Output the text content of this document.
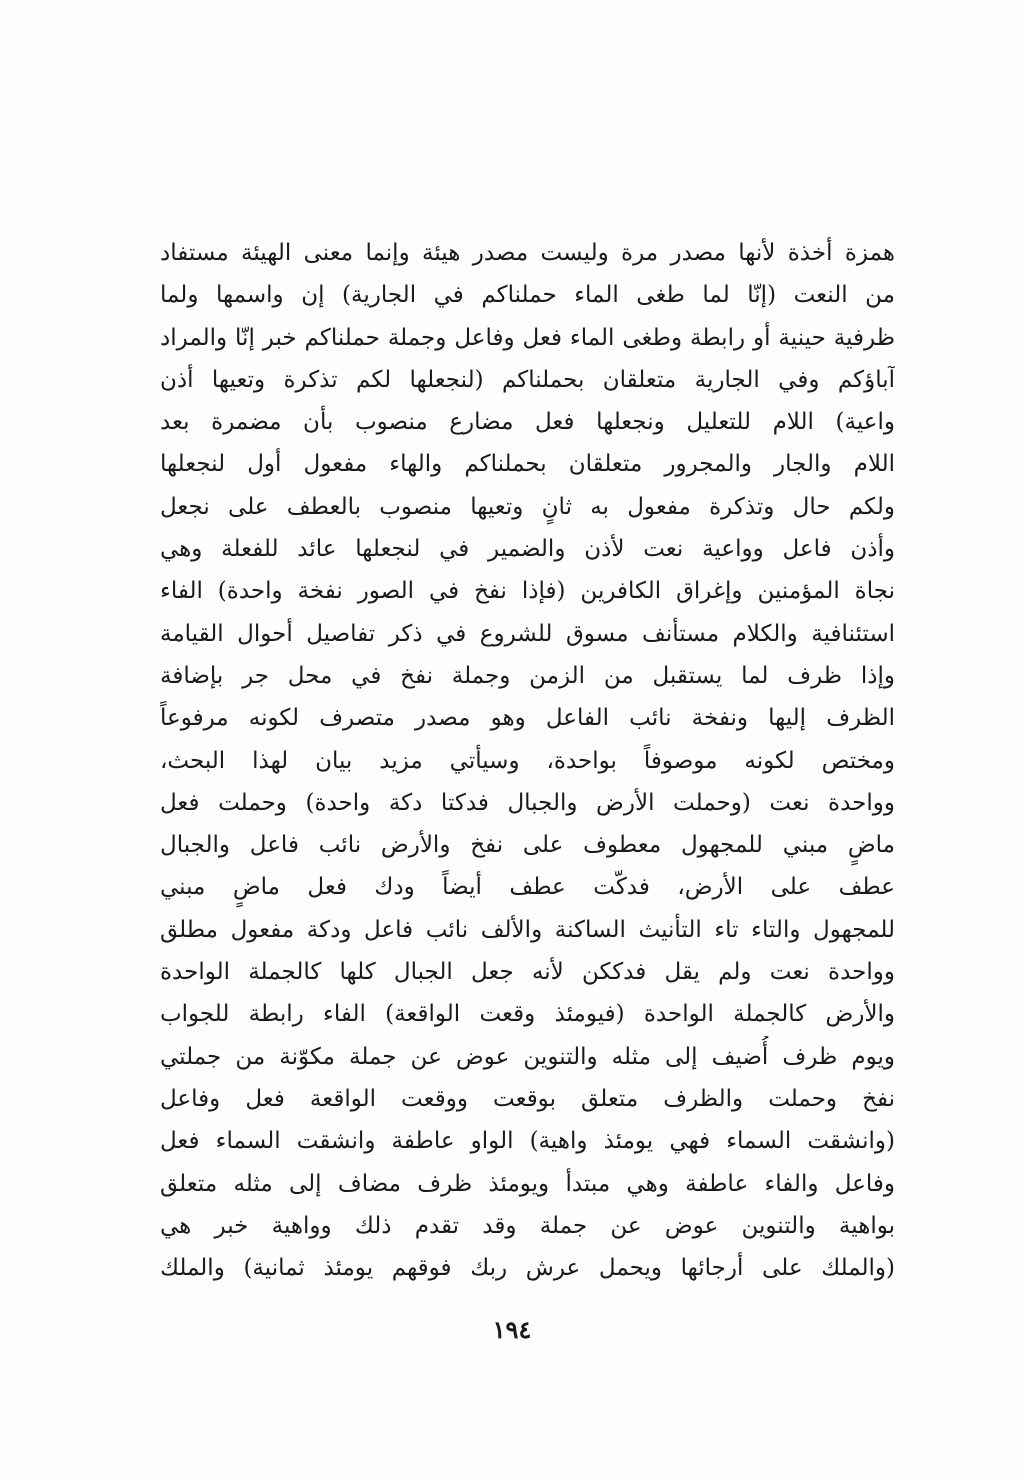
همزة أخذة لأنها مصدر مرة وليست مصدر هيئة وإنما معنى الهيئة مستفاد
من النعت (إنّا لما طغى الماء حملناكم في الجارية) إن واسمها ولما
ظرفية حينية أو رابطة وطغى الماء فعل وفاعل وجملة حملناكم خبر إنّا والمراد
آباؤكم وفي الجارية متعلقان بحملناكم (لنجعلها لكم تذكرة وتعيها أذن
واعية) اللام للتعليل ونجعلها فعل مضارع منصوب بأن مضمرة بعد
اللام والجار والمجرور متعلقان بحملناكم والهاء مفعول أول لنجعلها
ولكم حال وتذكرة مفعول به ثانٍ وتعيها منصوب بالعطف على نجعل
وأذن فاعل وواعية نعت لأذن والضمير في لنجعلها عائد للفعلة وهي
نجاة المؤمنين وإغراق الكافرين (فإذا نفخ في الصور نفخة واحدة) الفاء
استئنافية والكلام مستأنف مسوق للشروع في ذكر تفاصيل أحوال القيامة
وإذا ظرف لما يستقبل من الزمن وجملة نفخ في محل جر بإضافة
الظرف إليها ونفخة نائب الفاعل وهو مصدر متصرف لكونه مرفوعاً
ومختص لكونه موصوفاً بواحدة، وسيأتي مزيد بيان لهذا البحث،
وواحدة نعت (وحملت الأرض والجبال فدكتا دكة واحدة) وحملت فعل
ماضٍ مبني للمجهول معطوف على نفخ والأرض نائب فاعل والجبال
عطف على الأرض، فدكّت عطف أيضاً ودك فعل ماضٍ مبني
للمجهول والتاء تاء التأنيث الساكنة والألف نائب فاعل ودكة مفعول مطلق
وواحدة نعت ولم يقل فدككن لأنه جعل الجبال كلها كالجملة الواحدة
والأرض كالجملة الواحدة (فيومئذ وقعت الواقعة) الفاء رابطة للجواب
ويوم ظرف أُضيف إلى مثله والتنوين عوض عن جملة مكوّنة من جملتي
نفخ وحملت والظرف متعلق بوقعت ووقعت الواقعة فعل وفاعل
(وانشقت السماء فهي يومئذ واهية) الواو عاطفة وانشقت السماء فعل
وفاعل والفاء عاطفة وهي مبتدأ ويومئذ ظرف مضاف إلى مثله متعلق
بواهية والتنوين عوض عن جملة وقد تقدم ذلك وواهية خبر هي
(والملك على أرجائها ويحمل عرش ربك فوقهم يومئذ ثمانية) والملك
١٩٤
